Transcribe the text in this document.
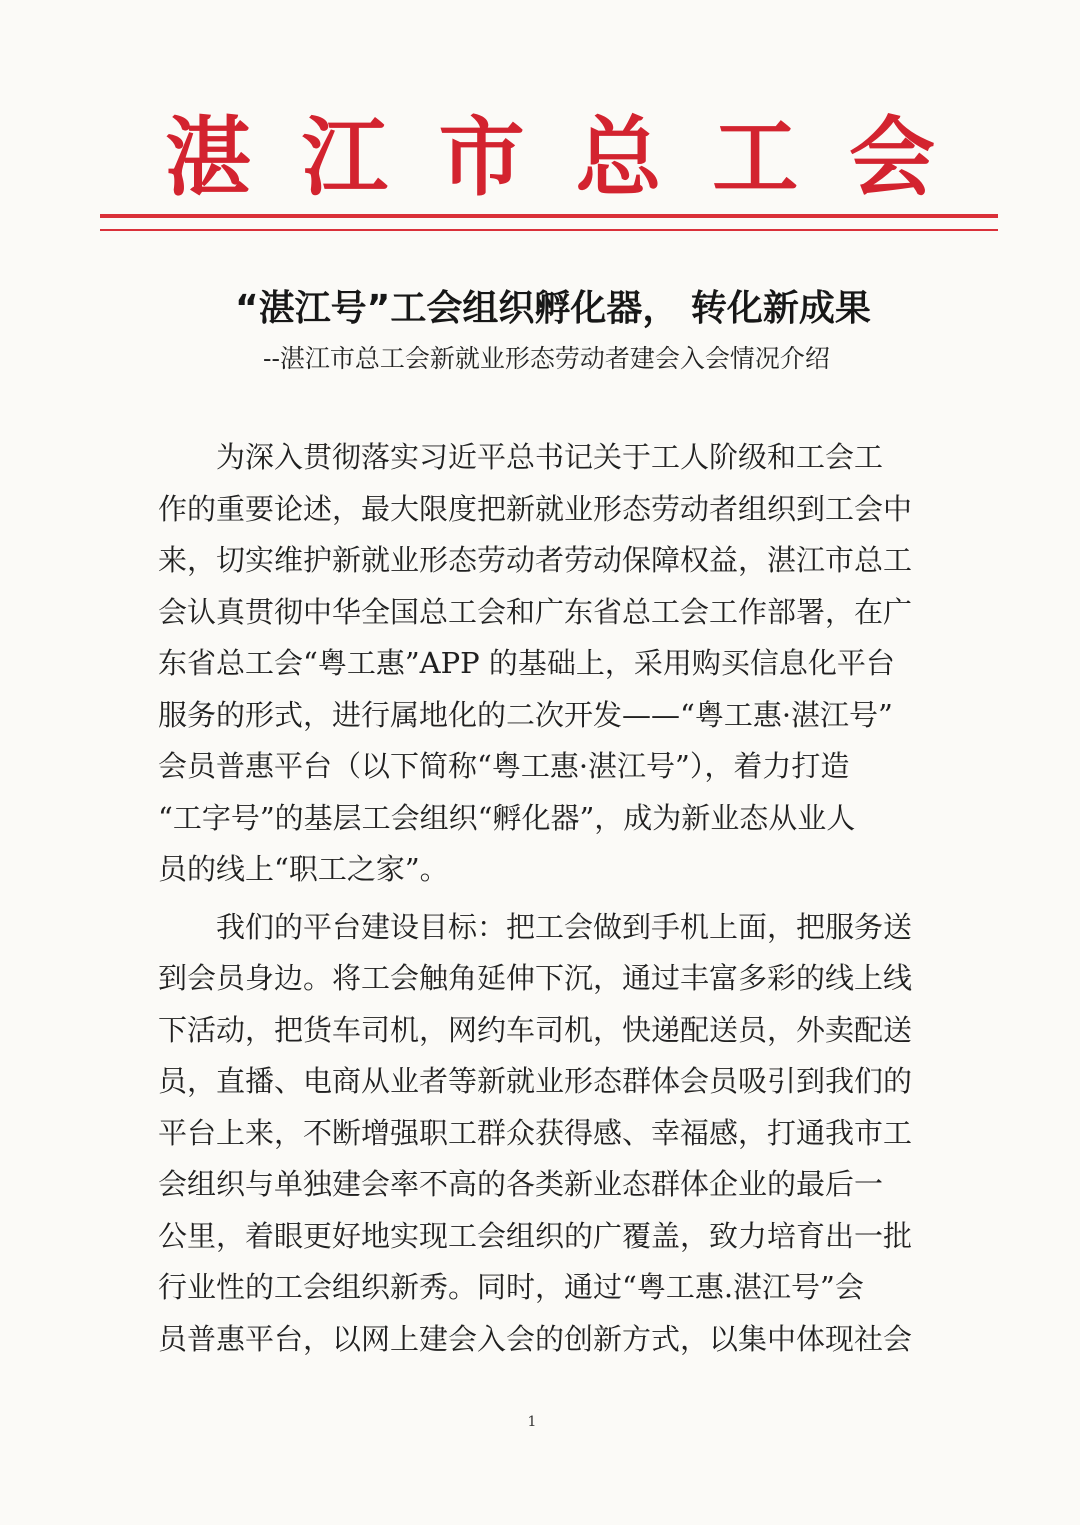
湛 江 市 总 工 会
“湛江号”工会组织孵化器， 转化新成果
--湛江市总工会新就业形态劳动者建会入会情况介绍
　　为深入贯彻落实习近平总书记关于工人阶级和工会工
作的重要论述，最大限度把新就业形态劳动者组织到工会中
来，切实维护新就业形态劳动者劳动保障权益，湛江市总工
会认真贯彻中华全国总工会和广东省总工会工作部署，在广
东省总工会“粤工惠”APP 的基础上，采用购买信息化平台
服务的形式，进行属地化的二次开发——“粤工惠·湛江号”
会员普惠平台（以下简称“粤工惠·湛江号”），着力打造
“工字号”的基层工会组织“孵化器”，成为新业态从业人
员的线上“职工之家”。
　　我们的平台建设目标：把工会做到手机上面，把服务送
到会员身边。将工会触角延伸下沉，通过丰富多彩的线上线
下活动，把货车司机，网约车司机，快递配送员，外卖配送
员，直播、电商从业者等新就业形态群体会员吸引到我们的
平台上来，不断增强职工群众获得感、幸福感，打通我市工
会组织与单独建会率不高的各类新业态群体企业的最后一
公里，着眼更好地实现工会组织的广覆盖，致力培育出一批
行业性的工会组织新秀。同时，通过“粤工惠.湛江号”会
员普惠平台，以网上建会入会的创新方式，以集中体现社会
1
